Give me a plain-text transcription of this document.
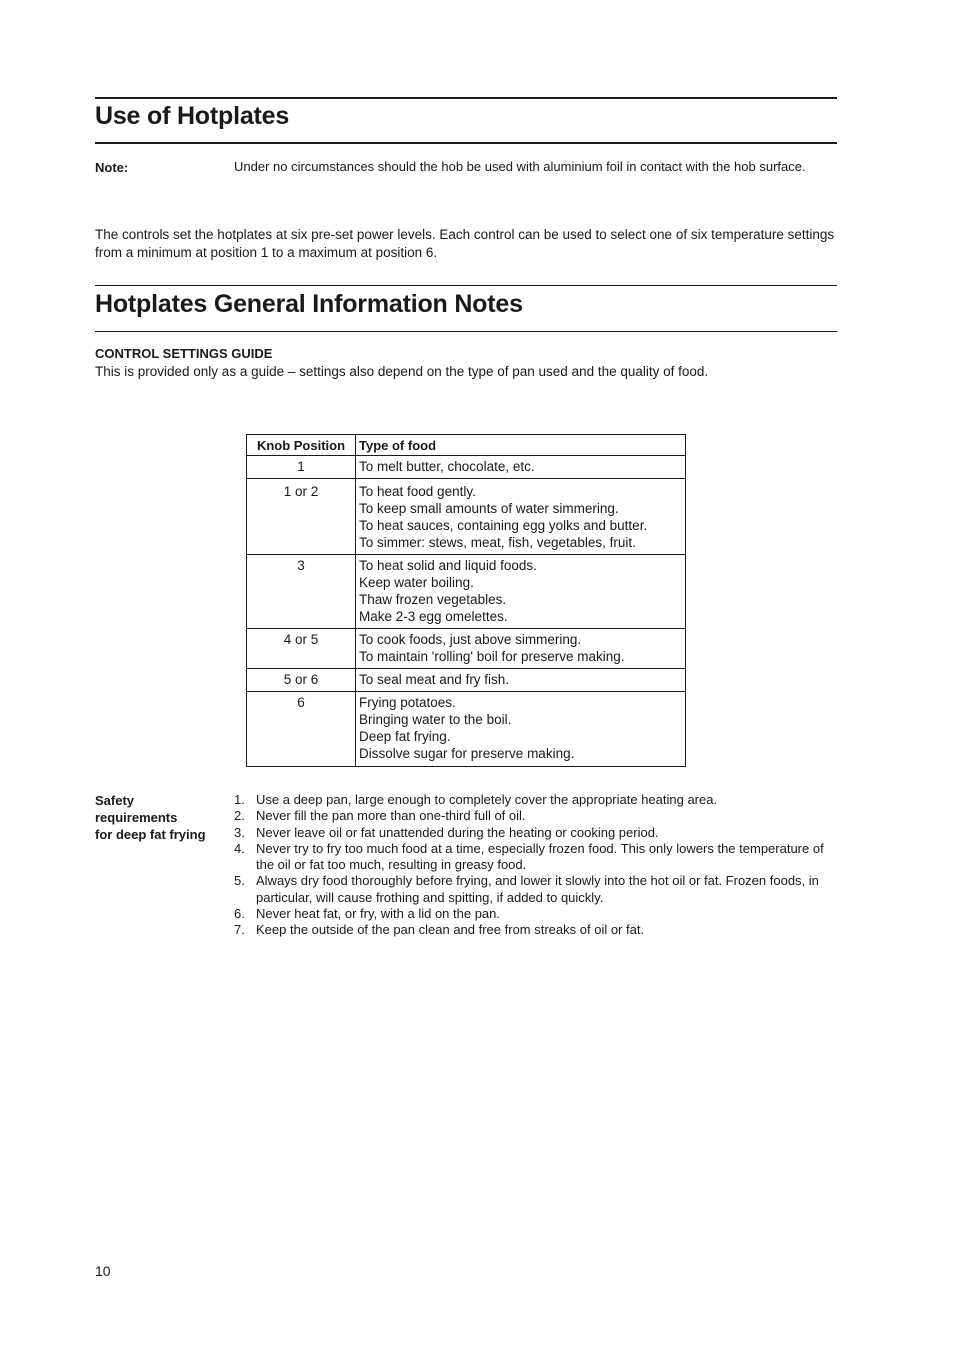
Use of Hotplates
Note:	Under no circumstances should the hob be used with aluminium foil in contact with the hob surface.
The controls set the hotplates at six pre-set power levels. Each control can be used to select one of six temperature settings from a minimum at position 1 to a maximum at position 6.
Hotplates General Information Notes
CONTROL SETTINGS GUIDE
This is provided only as a guide – settings also depend on the type of pan used and the quality of food.
Knob Position	Type of food
1	To melt butter, chocolate, etc.

1 or 2	To heat food gently.
To keep small amounts of water simmering.
To heat sauces, containing egg yolks and butter.
To simmer: stews, meat, fish, vegetables, fruit.

3	To heat solid and liquid foods.
Keep water boiling.
Thaw frozen vegetables.
Make 2-3 egg omelettes.

4 or 5	To cook foods, just above simmering.
To maintain 'rolling' boil for preserve making.

5 or 6	To seal meat and fry fish.

6	Frying potatoes.
Bringing water to the boil.
Deep fat frying.
Dissolve sugar for preserve making.
Safety
requirements
for deep fat frying
1. Use a deep pan, large enough to completely cover the appropriate heating area.
2. Never fill the pan more than one-third full of oil.
3. Never leave oil or fat unattended during the heating or cooking period.
4. Never try to fry too much food at a time, especially frozen food. This only lowers the temperature of the oil or fat too much, resulting in greasy food.
5. Always dry food thoroughly before frying, and lower it slowly into the hot oil or fat. Frozen foods, in particular, will cause frothing and spitting, if added to quickly.
6. Never heat fat, or fry, with a lid on the pan.
7. Keep the outside of the pan clean and free from streaks of oil or fat.
10
